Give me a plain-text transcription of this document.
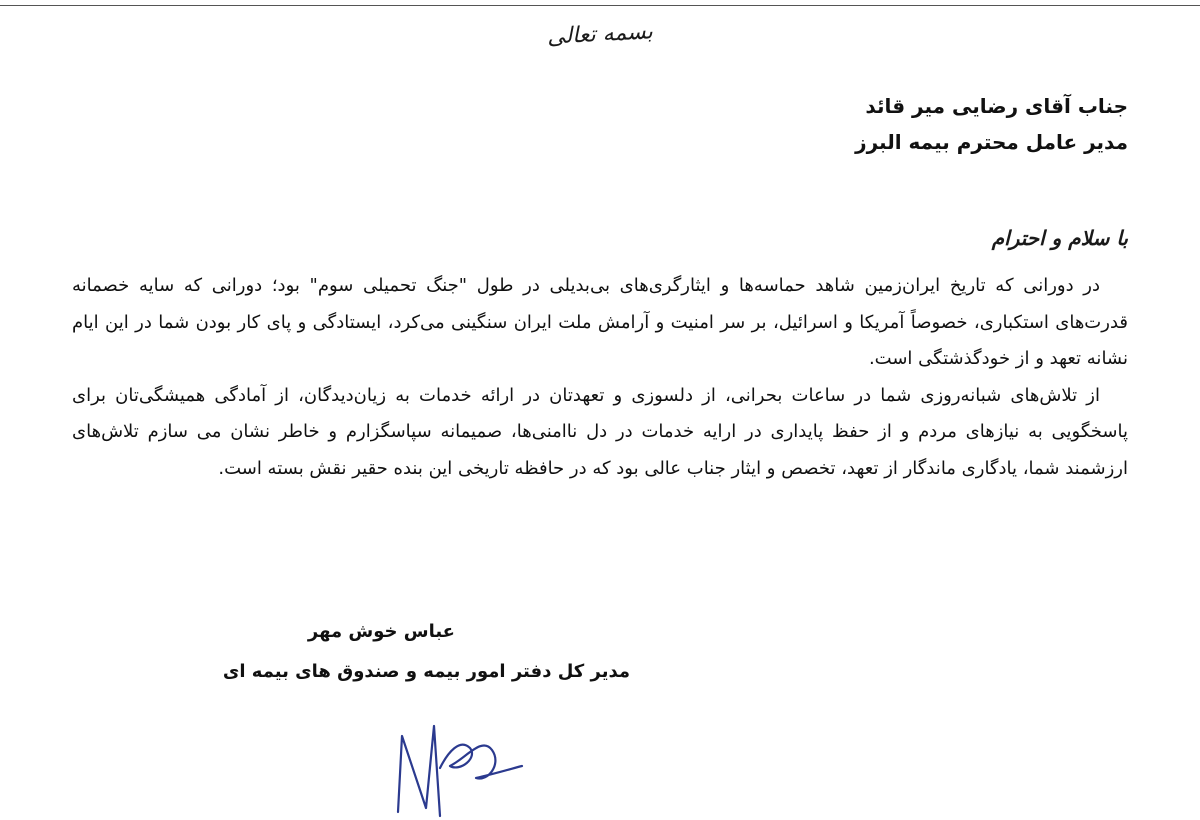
بسمه تعالی
جناب آقای رضایی میر قائد
مدیر عامل محترم بیمه البرز
با سلام و احترام

در دورانی که تاریخ ایران‌زمین شاهد حماسه‌ها و ایثارگری‌های بی‌بدیلی در طول "جنگ تحمیلی سوم" بود؛ دورانی که سایه خصمانه قدرت‌های استکباری، خصوصاً آمریکا و اسرائیل، بر سر امنیت و آرامش ملت ایران سنگینی می‌کرد، ایستادگی و پای کار بودن شما در این ایام نشانه تعهد و از خودگذشتگی است.

از تلاش‌های شبانه‌روزی شما در ساعات بحرانی، از دلسوزی و تعهدتان در ارائه خدمات به زیان‌دیدگان، از آمادگی همیشگی‌تان برای پاسخگویی به نیازهای مردم و از حفظ پایداری در ارایه خدمات در دل ناامنی‌ها، صمیمانه سپاسگزارم و خاطر نشان می سازم تلاش‌های ارزشمند شما، یادگاری ماندگار از تعهد، تخصص و ایثار جناب عالی بود که در حافظه تاریخی این بنده حقیر نقش بسته است.

عباس خوش مهر
مدیر کل دفتر امور بیمه و صندوق های بیمه ای
